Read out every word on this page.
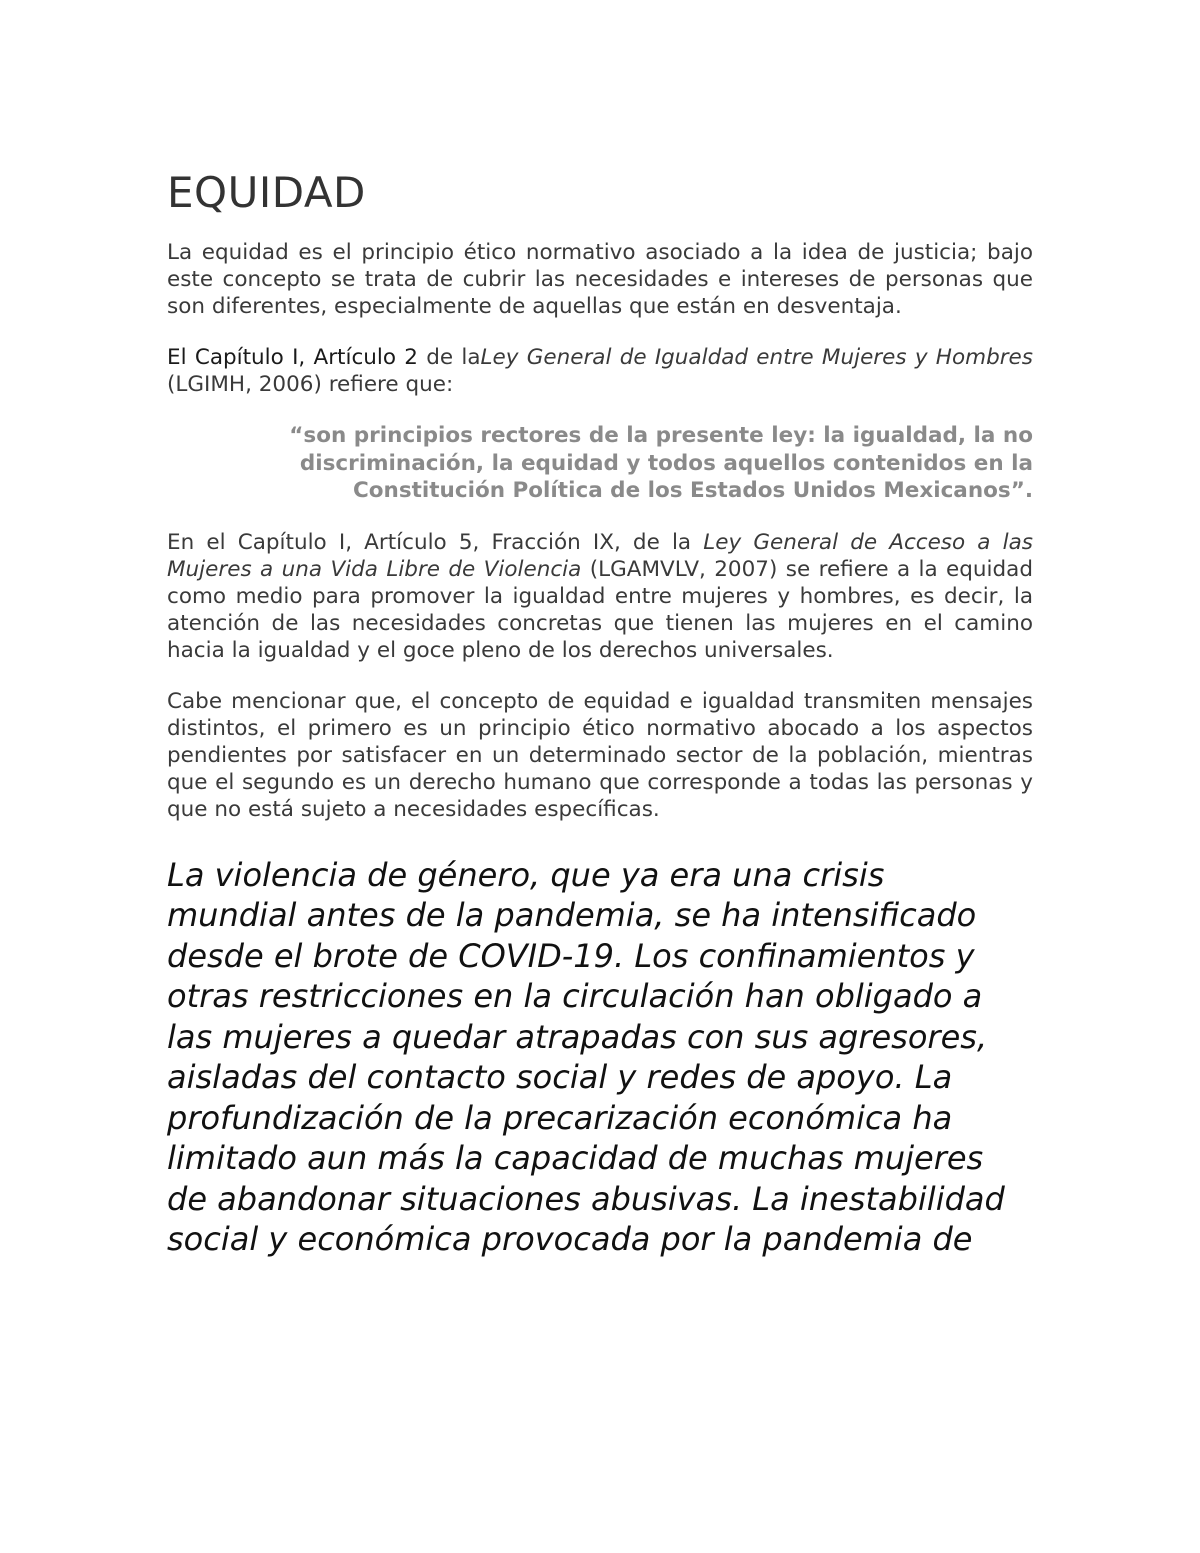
EQUIDAD

La equidad es el principio ético normativo asociado a la idea de justicia; bajo este concepto se trata de cubrir las necesidades e intereses de personas que son diferentes, especialmente de aquellas que están en desventaja.

El Capítulo I, Artículo 2 de laLey General de Igualdad entre Mujeres y Hombres (LGIMH, 2006) refiere que:

“son principios rectores de la presente ley: la igualdad, la no discriminación, la equidad y todos aquellos contenidos en la Constitución Política de los Estados Unidos Mexicanos”.

En el Capítulo I, Artículo 5, Fracción IX, de la Ley General de Acceso a las Mujeres a una Vida Libre de Violencia (LGAMVLV, 2007) se refiere a la equidad como medio para promover la igualdad entre mujeres y hombres, es decir, la atención de las necesidades concretas que tienen las mujeres en el camino hacia la igualdad y el goce pleno de los derechos universales.

Cabe mencionar que, el concepto de equidad e igualdad transmiten mensajes distintos, el primero es un principio ético normativo abocado a los aspectos pendientes por satisfacer en un determinado sector de la población, mientras que el segundo es un derecho humano que corresponde a todas las personas y que no está sujeto a necesidades específicas.

La violencia de género, que ya era una crisis
mundial antes de la pandemia, se ha intensificado
desde el brote de COVID-19. Los confinamientos y
otras restricciones en la circulación han obligado a
las mujeres a quedar atrapadas con sus agresores,
aisladas del contacto social y redes de apoyo. La
profundización de la precarización económica ha
limitado aun más la capacidad de muchas mujeres
de abandonar situaciones abusivas. La inestabilidad
social y económica provocada por la pandemia de
